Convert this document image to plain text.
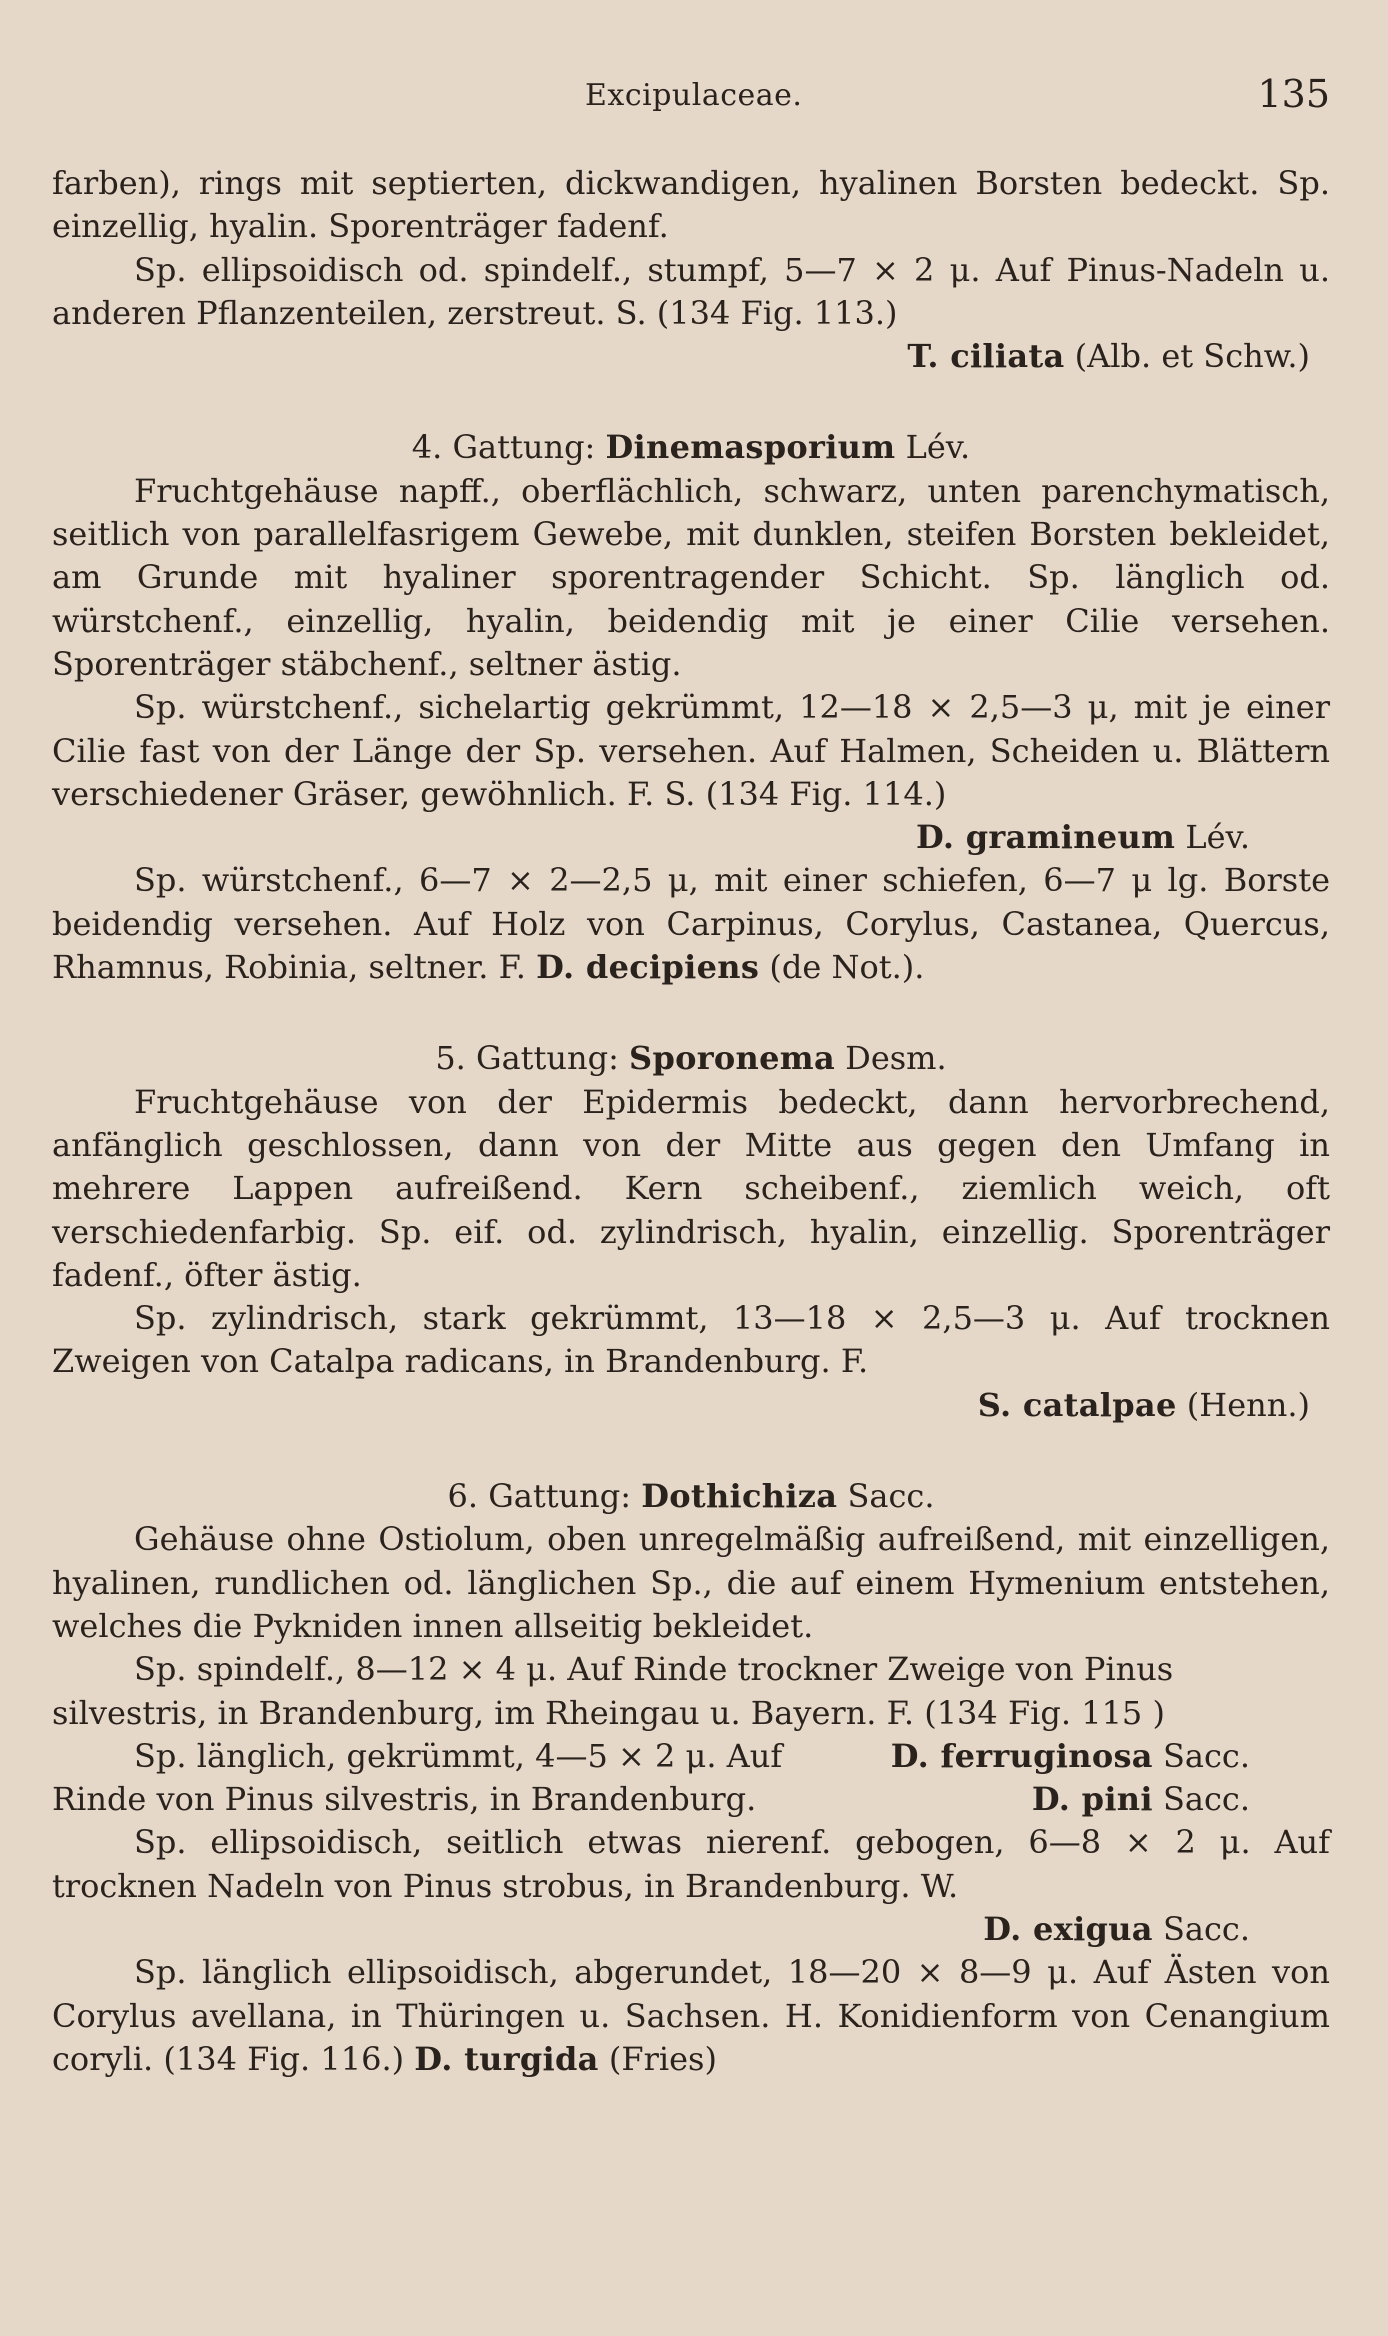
Excipulaceae.	135

farben), rings mit septierten, dickwandigen, hyalinen Borsten bedeckt. Sp. einzellig, hyalin. Sporenträger fadenf.

Sp. ellipsoidisch od. spindelf., stumpf, 5—7 × 2 μ. Auf Pinus-Nadeln u. anderen Pflanzenteilen, zerstreut. S. (134 Fig. 113.)

T. ciliata (Alb. et Schw.)

4. Gattung: Dinemasporium Lév.

Fruchtgehäuse napff., oberflächlich, schwarz, unten parenchymatisch, seitlich von parallelfasrigem Gewebe, mit dunklen, steifen Borsten bekleidet, am Grunde mit hyaliner sporentragender Schicht. Sp. länglich od. würstchenf., einzellig, hyalin, beidendig mit je einer Cilie versehen. Sporenträger stäbchenf., seltner ästig.

Sp. würstchenf., sichelartig gekrümmt, 12—18 × 2,5—3 μ, mit je einer Cilie fast von der Länge der Sp. versehen. Auf Halmen, Scheiden u. Blättern verschiedener Gräser, gewöhnlich. F. S. (134 Fig. 114.)

D. gramineum Lév.

Sp. würstchenf., 6—7 × 2—2,5 μ, mit einer schiefen, 6—7 μ lg. Borste beidendig versehen. Auf Holz von Carpinus, Corylus, Castanea, Quercus, Rhamnus, Robinia, seltner. F. D. decipiens (de Not.).

5. Gattung: Sporonema Desm.

Fruchtgehäuse von der Epidermis bedeckt, dann hervorbrechend, anfänglich geschlossen, dann von der Mitte aus gegen den Umfang in mehrere Lappen aufreißend. Kern scheibenf., ziemlich weich, oft verschiedenfarbig. Sp. eif. od. zylindrisch, hyalin, einzellig. Sporenträger fadenf., öfter ästig.

Sp. zylindrisch, stark gekrümmt, 13—18 × 2,5—3 μ. Auf trocknen Zweigen von Catalpa radicans, in Brandenburg. F.

S. catalpae (Henn.)

6. Gattung: Dothichiza Sacc.

Gehäuse ohne Ostiolum, oben unregelmäßig aufreißend, mit einzelligen, hyalinen, rundlichen od. länglichen Sp., die auf einem Hymenium entstehen, welches die Pykniden innen allseitig bekleidet.

Sp. spindelf., 8—12 × 4 μ. Auf Rinde trockner Zweige von Pinus silvestris, in Brandenburg, im Rheingau u. Bayern. F. (134 Fig. 115 )
D. ferruginosa Sacc.

Sp. länglich, gekrümmt, 4—5 × 2 μ. Auf Rinde von Pinus silvestris, in Brandenburg.	D. pini Sacc.

Sp. ellipsoidisch, seitlich etwas nierenf. gebogen, 6—8 × 2 μ. Auf trocknen Nadeln von Pinus strobus, in Brandenburg. W.

D. exigua Sacc.

Sp. länglich ellipsoidisch, abgerundet, 18—20 × 8—9 μ. Auf Ästen von Corylus avellana, in Thüringen u. Sachsen. H. Konidienform von Cenangium coryli. (134 Fig. 116.) D. turgida (Fries)
